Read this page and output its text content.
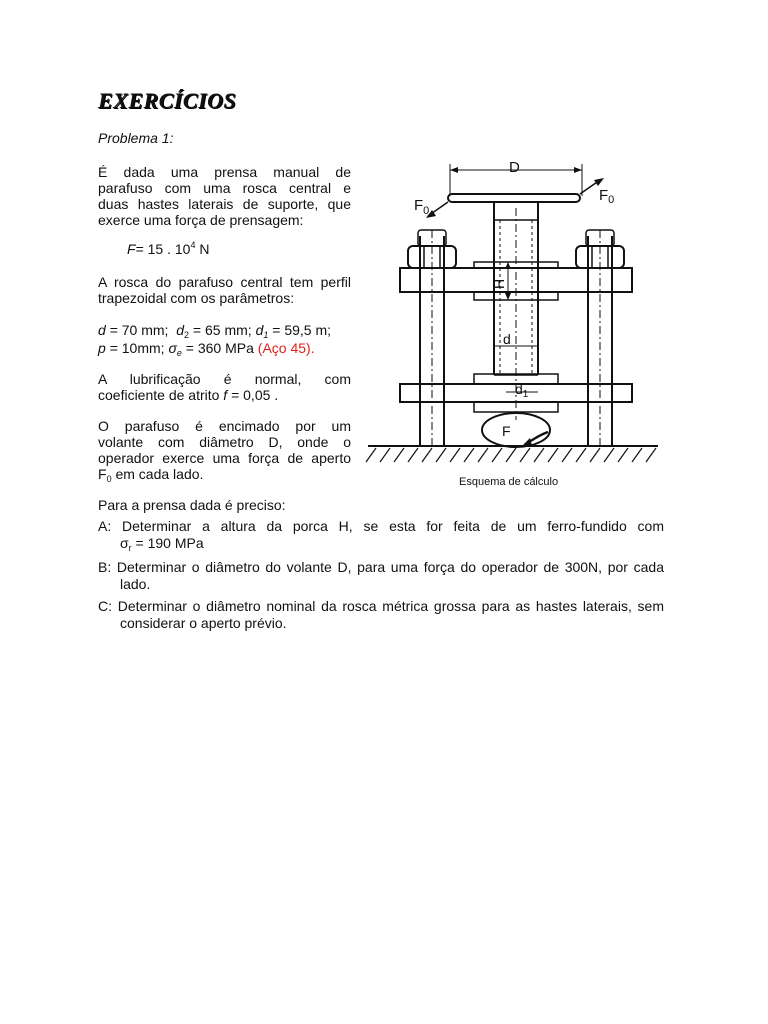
EXERCÍCIOS
Problema 1:
É dada uma prensa manual de
parafuso com uma rosca central e
duas hastes laterais de suporte, que
exerce uma força de prensagem:
F= 15 . $10^4$ N
A rosca do parafuso central tem perfil
trapezoidal com os parâmetros:
d = 70 mm; $d_2 = 65$ mm; $d_1 = 59,5$ m;
p = 10mm; $\sigma_e = 360$ MPa (Aço 45).
A lubrificação é normal, com
coeficiente de atrito f = 0,05 .
O parafuso é encimado por um
volante com diâmetro D, onde o
operador exerce uma força de aperto
$F_0$ em cada lado.
D
$F_0$
$F_0$
H
d
$d_1$
F
Esquema de cálculo
Para a prensa dada é preciso:
A: Determinar a altura da porca H, se esta for feita de um ferro-fundido com
$\sigma_r = 190$ MPa
B: Determinar o diâmetro do volante D, para uma força do operador de 300N, por cada
lado.
C: Determinar o diâmetro nominal da rosca métrica grossa para as hastes laterais, sem
considerar o aperto prévio.
